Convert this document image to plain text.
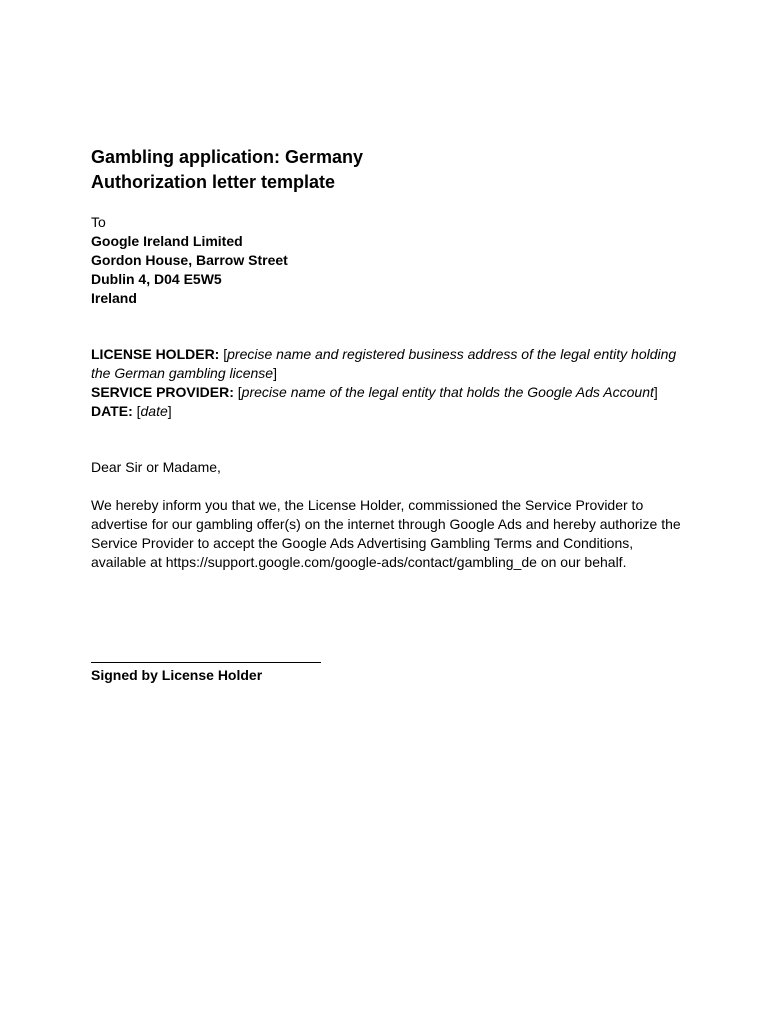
Gambling application: Germany
Authorization letter template
To
Google Ireland Limited
Gordon House, Barrow Street
Dublin 4, D04 E5W5
Ireland
LICENSE HOLDER: [precise name and registered business address of the legal entity holding the German gambling license]
SERVICE PROVIDER: [precise name of the legal entity that holds the Google Ads Account]
DATE: [date]
Dear Sir or Madame,
We hereby inform you that we, the License Holder, commissioned the Service Provider to advertise for our gambling offer(s) on the internet through Google Ads and hereby authorize the Service Provider to accept the Google Ads Advertising Gambling Terms and Conditions, available at https://support.google.com/google-ads/contact/gambling_de on our behalf.
Signed by License Holder
